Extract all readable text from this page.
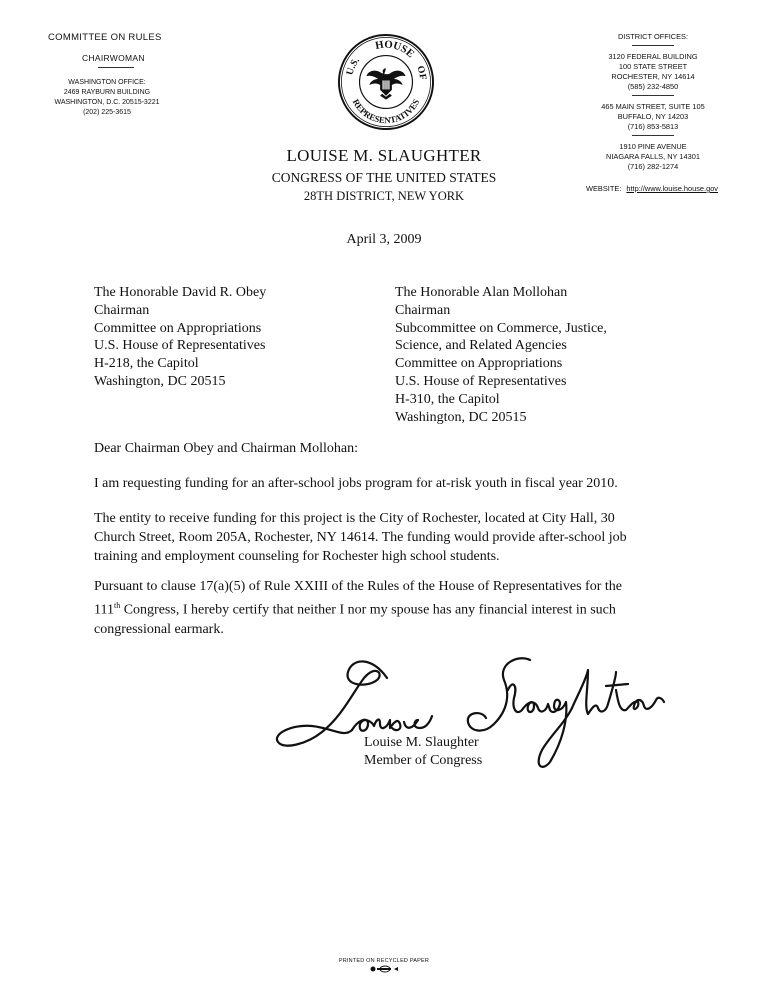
COMMITTEE ON RULES
CHAIRWOMAN
WASHINGTON OFFICE:
2469 RAYBURN BUILDING
WASHINGTON, D.C. 20515-3221
(202) 225-3615
HOUSE
U.S.
OF
REPRESENTATIVES
DISTRICT OFFICES:
3120 FEDERAL BUILDING
100 STATE STREET
ROCHESTER, NY 14614
(585) 232-4850
465 MAIN STREET, SUITE 105
BUFFALO, NY 14203
(716) 853-5813
1910 PINE AVENUE
NIAGARA FALLS, NY 14301
(716) 282-1274
WEBSITE: http://www.louise.house.gov
LOUISE M. SLAUGHTER
CONGRESS OF THE UNITED STATES
28TH DISTRICT, NEW YORK
April 3, 2009
The Honorable David R. Obey
Chairman
Committee on Appropriations
U.S. House of Representatives
H-218, the Capitol
Washington, DC 20515
The Honorable Alan Mollohan
Chairman
Subcommittee on Commerce, Justice,
Science, and Related Agencies
Committee on Appropriations
U.S. House of Representatives
H-310, the Capitol
Washington, DC 20515
Dear Chairman Obey and Chairman Mollohan:
I am requesting funding for an after-school jobs program for at-risk youth in fiscal year 2010.
The entity to receive funding for this project is the City of Rochester, located at City Hall, 30
Church Street, Room 205A, Rochester, NY 14614. The funding would provide after-school job
training and employment counseling for Rochester high school students.
Pursuant to clause 17(a)(5) of Rule XXIII of the Rules of the House of Representatives for the
111th Congress, I hereby certify that neither I nor my spouse has any financial interest in such
congressional earmark.
Louise M. Slaughter
Member of Congress
PRINTED ON RECYCLED PAPER
